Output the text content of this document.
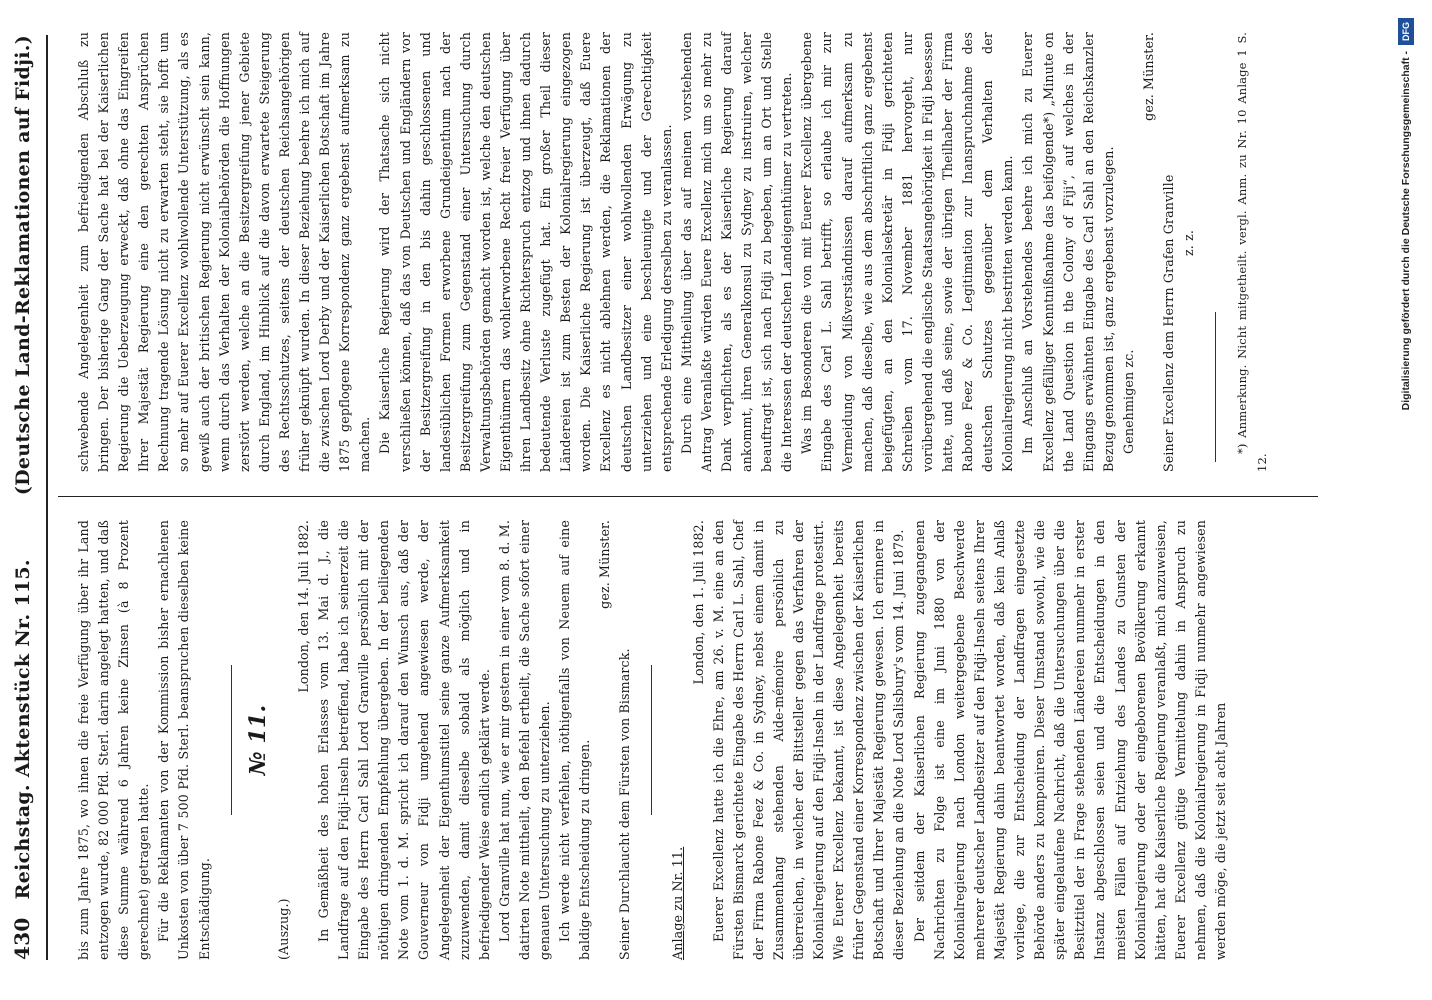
430
Reichstag. Aktenstück Nr. 115.
(Deutsche Land-Reklamationen auf Fidji.)

bis zum Jahre 1875, wo ihnen die freie Verfügung über ihr Land entzogen wurde, 82 000 Pfd. Sterl. darin angelegt hatten, und daß diese Summe während 6 Jahren keine Zinsen (à 8 Prozent gerechnet) getragen hatte. Für die Reklamanten von der Kommission bisher ernachlenen Unkosten von über 7 500 Pfd. Sterl. beanspruchen dieselben keine Entschädigung.

№ 11.

(Auszug.)

London, den 14. Juli 1882. In Gemäßheit des hohen Erlasses vom 13. Mai d. J., die Landfrage auf den Fidji-Inseln betreffend, habe ich seinerzeit die Eingabe des Herrn Carl Sahl Lord Granville persönlich mit der nöthigen dringenden Empfehlung übergeben. In der beiliegenden Note vom 1. d. M. spricht ich darauf den Wunsch aus, daß der Gouverneur von Fidji umgehend angewiesen werde, der Angelegenheit der Eigenthumstitel seine ganze Aufmerksamkeit zuzuwenden, damit dieselbe sobald als möglich und in befriedigender Weise endlich geklärt werde. Lord Granville hat nun, wie er mir gestern in einer vom 8. d. M. datirten Note mittheilt, den Befehl ertheilt, die Sache sofort einer genauen Untersuchung zu unterziehen. Ich werde nicht verfehlen, nöthigenfalls von Neuem auf eine baldige Entscheidung zu dringen.

gez. Münster.

Seiner Durchlaucht dem Fürsten von Bismarck.	Anlage zu Nr. 11.

London, den 1. Juli 1882. Euerer Excellenz hatte ich die Ehre, am 26. v. M. eine an den Fürsten Bismarck gerichtete Eingabe des Herrn Carl L. Sahl, Chef der Firma Rabone Feez & Co. in Sydney, nebst einem damit in Zusammenhang stehenden Aide-mémoire persönlich zu überreichen, in welcher der Bittsteller gegen das Verfahren der Kolonialregierung auf den Fidji-Inseln in der Landfrage protestirt. Wie Euerer Excellenz bekannt, ist diese Angelegenheit bereits früher Gegenstand einer Korrespondenz zwischen der Kaiserlichen Botschaft und Ihrer Majestät Regierung gewesen. Ich erinnere in dieser Beziehung an die Note Lord Salisbury's vom 14. Juni 1879. Der seitdem der Kaiserlichen Regierung zugegangenen Nachrichten zu Folge ist eine im Juni 1880 von der Kolonialregierung nach London weitergegebene Beschwerde mehrerer deutscher Landbesitzer auf den Fidji-Inseln seitens Ihrer Majestät Regierung dahin beantwortet worden, daß kein Anlaß vorliege, die zur Entscheidung der Landfragen eingesetzte Behörde anders zu komponiren. Dieser Umstand sowohl, wie die später eingelaufene Nachricht, daß die Untersuchungen über die Besitztitel der in Frage stehenden Ländereien nunmehr in erster Instanz abgeschlossen seien und die Entscheidungen in den meisten Fällen auf Entziehung des Landes zu Gunsten der Kolonialregierung oder der eingeborenen Bevölkerung erkannt hätten, hat die Kaiserliche Regierung veranlaßt, mich anzuweisen, Euerer Excellenz gütige Vermittelung dahin in Anspruch zu nehmen, daß die Kolonialregierung in Fidji nunmehr angewiesen werden möge, die jetzt seit acht Jahren

schwebende Angelegenheit zum befriedigenden Abschluß zu bringen. Der bisherige Gang der Sache hat bei der Kaiserlichen Regierung die Ueberzeugung erweckt, daß ohne das Eingreifen Ihrer Majestät Regierung eine den gerechten Ansprüchen Rechnung tragende Lösung nicht zu erwarten steht, sie hofft um so mehr auf Euerer Excellenz wohlwollende Unterstützung, als es gewiß auch der britischen Regierung nicht erwünscht sein kann, wenn durch das Verhalten der Kolonialbehörden die Hoffnungen zerstört werden, welche an die Besitzergreifung jener Gebiete durch England, im Hinblick auf die davon erwartete Steigerung des Rechtsschutzes, seitens der deutschen Reichsangehörigen früher geknüpft wurden. In dieser Beziehung beehre ich mich auf die zwischen Lord Derby und der Kaiserlichen Botschaft im Jahre 1875 gepflogene Korrespondenz ganz ergebenst aufmerksam zu machen. Die Kaiserliche Regierung wird der Thatsache sich nicht verschließen können, daß das von Deutschen und Engländern vor der Besitzergreifung in den bis dahin geschlossenen und landesüblichen Formen erworbene Grundeigenthum nach der Besitzergreifung zum Gegenstand einer Untersuchung durch Verwaltungsbehörden gemacht worden ist, welche den deutschen Eigenthümern das wohlerworbene Recht freier Verfügung über ihren Landbesitz ohne Richterspruch entzog und ihnen dadurch bedeutende Verluste zugefügt hat. Ein großer Theil dieser Ländereien ist zum Besten der Kolonialregierung eingezogen worden. Die Kaiserliche Regierung ist überzeugt, daß Euere Excellenz es nicht ablehnen werden, die Reklamationen der deutschen Landbesitzer einer wohlwollenden Erwägung zu unterziehen und eine beschleunigte und der Gerechtigkeit entsprechende Erledigung derselben zu veranlassen. Durch eine Mittheilung über das auf meinen vorstehenden Antrag Veranlaßte würden Euere Excellenz mich um so mehr zu Dank verpflichten, als es der Kaiserliche Regierung darauf ankommt, ihren Generalkonsul zu Sydney zu instruiren, welcher beauftragt ist, sich nach Fidji zu begeben, um an Ort und Stelle die Interessen der deutschen Landeigenthümer zu vertreten. Was im Besonderen die von mit Euerer Excellenz übergebene Eingabe des Carl L. Sahl betrifft, so erlaube ich mir zur Vermeidung von Mißverständnissen darauf aufmerksam zu machen, daß dieselbe, wie aus dem abschriftlich ganz ergebenst beigefügten, an den Kolonialsekretär in Fidji gerichteten Schreiben vom 17. November 1881 hervorgeht, nur vorübergehend die englische Staatsangehörigkeit in Fidji besessen hatte, und daß seine, sowie der übrigen Theilhaber der Firma Rabone Feez & Co. Legitimation zur Inanspruchnahme des deutschen Schutzes gegenüber dem Verhalten der Kolonialregierung nicht bestritten werden kann. Im Anschluß an Vorstehendes beehre ich mich zu Euerer Excellenz gefälliger Kenntnißnahme das beifolgende*) „Minute on the Land Question in the Colony of Fiji“, auf welches in der Eingangs erwähnten Eingabe des Carl Sahl an den Reichskanzler Bezug genommen ist, ganz ergebenst vorzulegen. Genehmigen zc.

gez. Münster.

Seiner Excellenz dem Herrn Grafen Granville z. z.	*) Anmerkung. Nicht mitgetheilt. vergl. Anm. zu Nr. 10 Anlage 1 S. 12.

Digitalisierung gefördert durch die Deutsche Forschungsgemeinschaft -DFG
